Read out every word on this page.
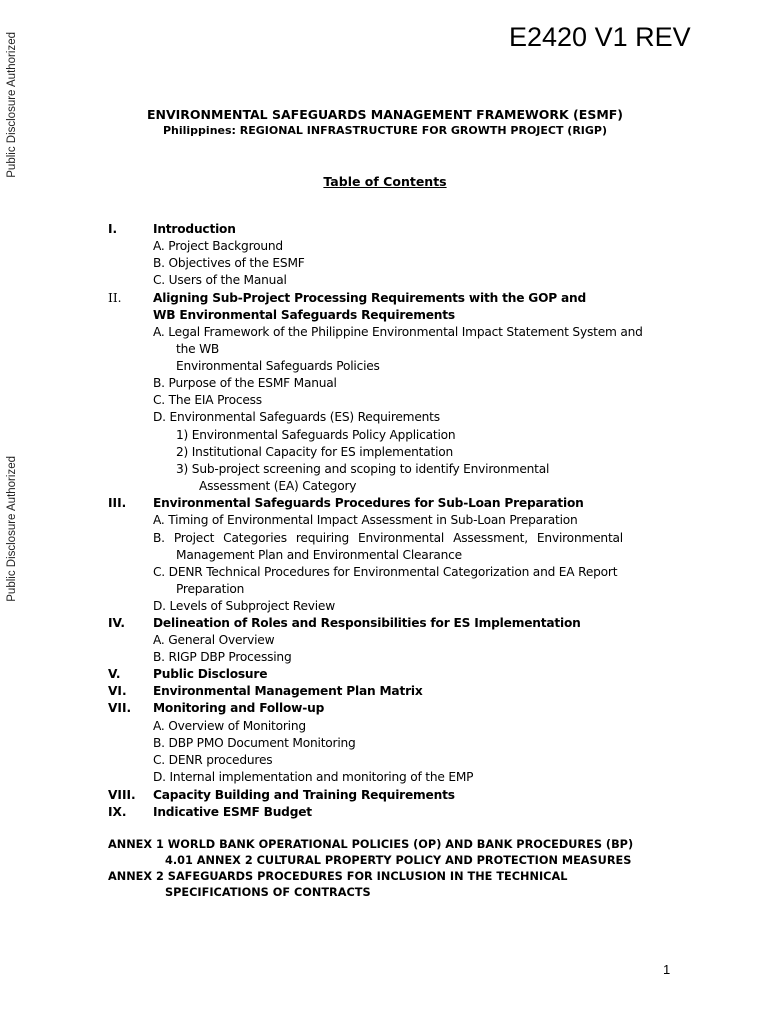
Public Disclosure Authorized
Public Disclosure Authorized
E2420 V1 REV
ENVIRONMENTAL SAFEGUARDS MANAGEMENT FRAMEWORK (ESMF)
Philippines: REGIONAL INFRASTRUCTURE FOR GROWTH PROJECT (RIGP)
Table of Contents
I.	Introduction
A. Project Background
B. Objectives of the ESMF
C. Users of the Manual
II.	Aligning Sub-Project Processing Requirements with the GOP and
WB Environmental Safeguards Requirements
A. Legal Framework of the Philippine Environmental Impact Statement System and
the WB
Environmental Safeguards Policies
B. Purpose of the ESMF Manual
C. The EIA Process
D. Environmental Safeguards (ES) Requirements
1) Environmental Safeguards Policy Application
2) Institutional Capacity for ES implementation
3) Sub-project screening and scoping to identify Environmental
Assessment (EA) Category
III. Environmental Safeguards Procedures for Sub-Loan Preparation
A. Timing of Environmental Impact Assessment in Sub-Loan Preparation
B. Project Categories requiring Environmental Assessment, Environmental
Management Plan and Environmental Clearance
C. DENR Technical Procedures for Environmental Categorization and EA Report
Preparation
D. Levels of Subproject Review
IV. Delineation of Roles and Responsibilities for ES Implementation
A. General Overview
B. RIGP DBP Processing
V.	Public Disclosure
VI. Environmental Management Plan Matrix
VII. Monitoring and Follow-up
A. Overview of Monitoring
B. DBP PMO Document Monitoring
C. DENR procedures
D. Internal implementation and monitoring of the EMP
VIII. Capacity Building and Training Requirements
IX. Indicative ESMF Budget
ANNEX 1 WORLD BANK OPERATIONAL POLICIES (OP) AND BANK PROCEDURES (BP)
4.01 ANNEX 2 CULTURAL PROPERTY POLICY AND PROTECTION MEASURES
ANNEX 2 SAFEGUARDS PROCEDURES FOR INCLUSION IN THE TECHNICAL
SPECIFICATIONS OF CONTRACTS
1
